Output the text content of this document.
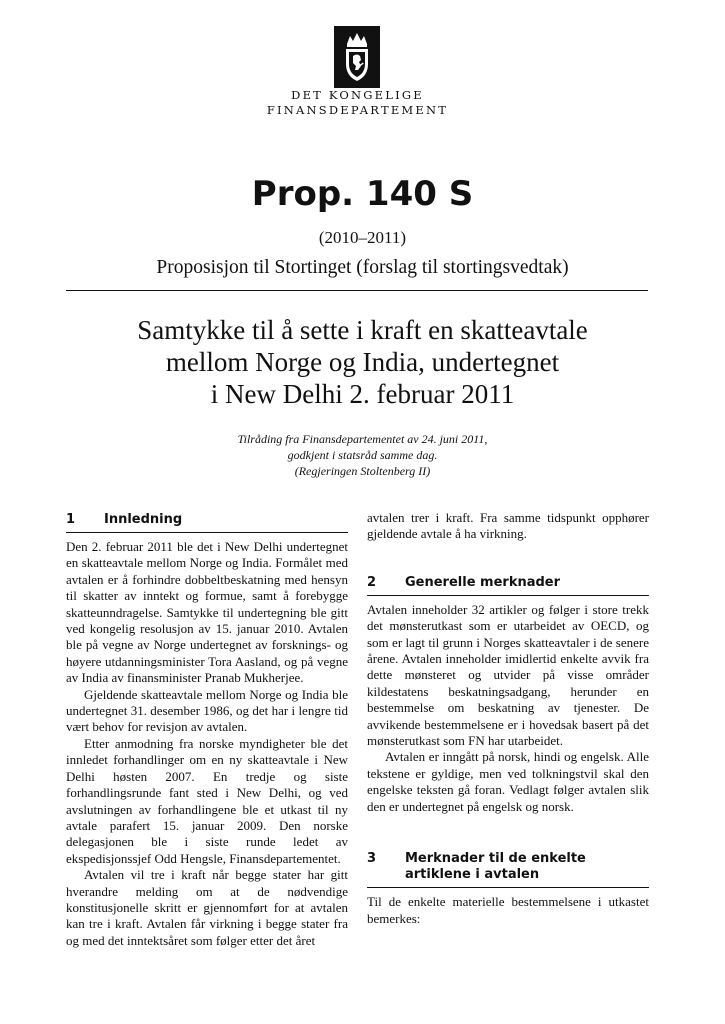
DET KONGELIGE
FINANSDEPARTEMENT
Prop. 140 S
(2010–2011)
Proposisjon til Stortinget (forslag til stortingsvedtak)
Samtykke til å sette i kraft en skatteavtale
mellom Norge og India, undertegnet
i New Delhi 2. februar 2011
Tilråding fra Finansdepartementet av 24. juni 2011,
godkjent i statsråd samme dag.
(Regjeringen Stoltenberg II)
1	Innledning

Den 2. februar 2011 ble det i New Delhi undertegnet en skatteavtale mellom Norge og India. Formålet med avtalen er å forhindre dobbeltbeskatning med hensyn til skatter av inntekt og formue, samt å forebygge skatteunndragelse. Samtykke til undertegning ble gitt ved kongelig resolusjon av 15. januar 2010. Avtalen ble på vegne av Norge undertegnet av forsknings- og høyere utdanningsminister Tora Aasland, og på vegne av India av finansminister Pranab Mukherjee.

Gjeldende skatteavtale mellom Norge og India ble undertegnet 31. desember 1986, og det har i lengre tid vært behov for revisjon av avtalen.

Etter anmodning fra norske myndigheter ble det innledet forhandlinger om en ny skatteavtale i New Delhi høsten 2007. En tredje og siste forhandlingsrunde fant sted i New Delhi, og ved avslutningen av forhandlingene ble et utkast til ny avtale parafert 15. januar 2009. Den norske delegasjonen ble i siste runde ledet av ekspedisjonssjef Odd Hengsle, Finansdepartementet.

Avtalen vil tre i kraft når begge stater har gitt hverandre melding om at de nødvendige konstitusjonelle skritt er gjennomført for at avtalen kan tre i kraft. Avtalen får virkning i begge stater fra og med det inntektsåret som følger etter det året

avtalen trer i kraft. Fra samme tidspunkt opphører gjeldende avtale å ha virkning.

2	Generelle merknader

Avtalen inneholder 32 artikler og følger i store trekk det mønsterutkast som er utarbeidet av OECD, og som er lagt til grunn i Norges skatteavtaler i de senere årene. Avtalen inneholder imidlertid enkelte avvik fra dette mønsteret og utvider på visse områder kildestatens beskatningsadgang, herunder en bestemmelse om beskatning av tjenester. De avvikende bestemmelsene er i hovedsak basert på det mønsterutkast som FN har utarbeidet.

Avtalen er inngått på norsk, hindi og engelsk. Alle tekstene er gyldige, men ved tolkningstvil skal den engelske teksten gå foran. Vedlagt følger avtalen slik den er undertegnet på engelsk og norsk.

3	Merknader til de enkelte artiklene i avtalen

Til de enkelte materielle bestemmelsene i utkastet bemerkes:
